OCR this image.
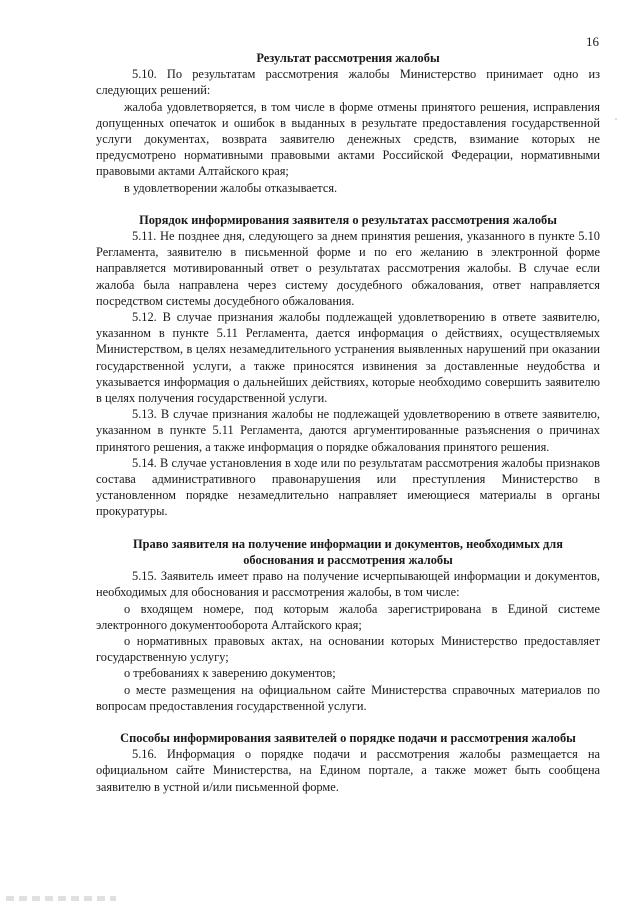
16
Результат рассмотрения жалобы

5.10. По результатам рассмотрения жалобы Министерство принимает одно из следующих решений:

жалоба удовлетворяется, в том числе в форме отмены принятого решения, исправления допущенных опечаток и ошибок в выданных в результате предоставления государственной услуги документах, возврата заявителю денежных средств, взимание которых не предусмотрено нормативными правовыми актами Российской Федерации, нормативными правовыми актами Алтайского края;

в удовлетворении жалобы отказывается.

Порядок информирования заявителя о результатах рассмотрения жалобы

5.11. Не позднее дня, следующего за днем принятия решения, указанного в пункте 5.10 Регламента, заявителю в письменной форме и по его желанию в электронной форме направляется мотивированный ответ о результатах рассмотрения жалобы. В случае если жалоба была направлена через систему досудебного обжалования, ответ направляется посредством системы досудебного обжалования.

5.12. В случае признания жалобы подлежащей удовлетворению в ответе заявителю, указанном в пункте 5.11 Регламента, дается информация о действиях, осуществляемых Министерством, в целях незамедлительного устранения выявленных нарушений при оказании государственной услуги, а также приносятся извинения за доставленные неудобства и указывается информация о дальнейших действиях, которые необходимо совершить заявителю в целях получения государственной услуги.

5.13. В случае признания жалобы не подлежащей удовлетворению в ответе заявителю, указанном в пункте 5.11 Регламента, даются аргументированные разъяснения о причинах принятого решения, а также информация о порядке обжалования принятого решения.

5.14. В случае установления в ходе или по результатам рассмотрения жалобы признаков состава административного правонарушения или преступления Министерство в установленном порядке незамедлительно направляет имеющиеся материалы в органы прокуратуры.

Право заявителя на получение информации и документов, необходимых для
обоснования и рассмотрения жалобы

5.15. Заявитель имеет право на получение исчерпывающей информации и документов, необходимых для обоснования и рассмотрения жалобы, в том числе:

о входящем номере, под которым жалоба зарегистрирована в Единой системе электронного документооборота Алтайского края;

о нормативных правовых актах, на основании которых Министерство предоставляет государственную услугу;

о требованиях к заверению документов;

о месте размещения на официальном сайте Министерства справочных материалов по вопросам предоставления государственной услуги.

Способы информирования заявителей о порядке подачи и рассмотрения жалобы

5.16. Информация о порядке подачи и рассмотрения жалобы размещается на официальном сайте Министерства, на Едином портале, а также может быть сообщена заявителю в устной и/или письменной форме.
